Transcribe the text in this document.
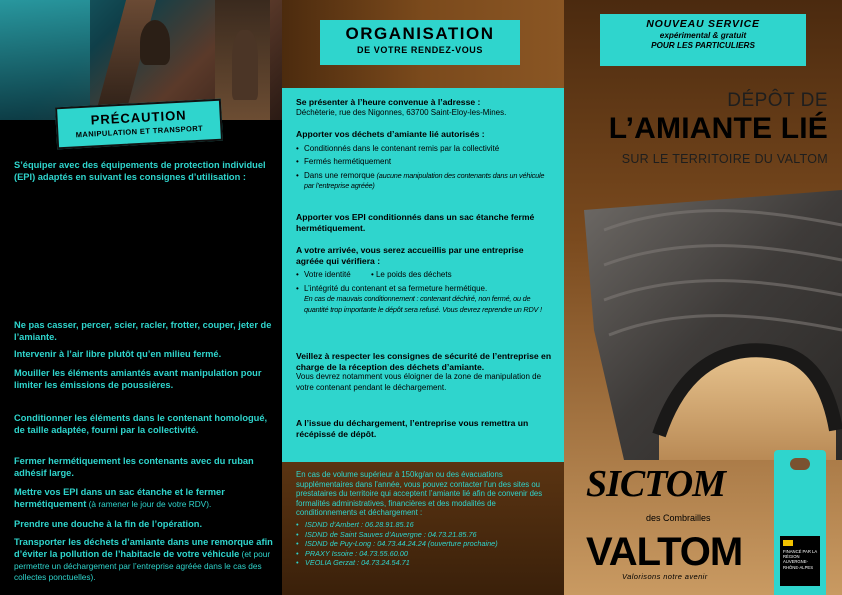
PRÉCAUTION
MANIPULATION ET TRANSPORT
S’équiper avec des équipements de protection individuel (EPI) adaptés en suivant les consignes d’utilisation :
Ne pas casser, percer, scier, racler, frotter, couper, jeter de l’amiante.
Intervenir à l’air libre plutôt qu’en milieu fermé.
Mouiller les éléments amiantés avant manipulation pour limiter les émissions de poussières.
Conditionner les éléments dans le contenant homologué, de taille adaptée, fourni par la collectivité.
Fermer hermétiquement les contenants avec du ruban adhésif large.
Mettre vos EPI dans un sac étanche et le fermer hermétiquement (à ramener le jour de votre RDV).
Prendre une douche à la fin de l’opération.
Transporter les déchets d’amiante dans une remorque afin d’éviter la pollution de l’habitacle de votre véhicule (et pour permettre un déchargement par l’entreprise agréée dans le cas des collectes ponctuelles).
ORGANISATION
DE VOTRE RENDEZ-VOUS
Se présenter à l’heure convenue à l’adresse :
Déchèterie, rue des Nigonnes, 63700 Saint-Eloy-les-Mines.
Apporter vos déchets d’amiante lié autorisés :
• Conditionnés dans le contenant remis par la collectivité
• Fermés hermétiquement
• Dans une remorque (aucune manipulation des contenants dans un véhicule par l’entreprise agréée)
Apporter vos EPI conditionnés dans un sac étanche fermé hermétiquement.
A votre arrivée, vous serez accueillis par une entreprise agréée qui vérifiera :
• Votre identité	• Le poids des déchets
• L’intégrité du contenant et sa fermeture hermétique.
En cas de mauvais conditionnement : contenant déchiré, non fermé, ou de quantité trop importante le dépôt sera refusé. Vous devrez reprendre un RDV !
Veillez à respecter les consignes de sécurité de l’entreprise en charge de la réception des déchets d’amiante.
Vous devrez notamment vous éloigner de la zone de manipulation de votre contenant pendant le déchargement.
A l’issue du déchargement, l’entreprise vous remettra un récépissé de dépôt.
En cas de volume supérieur à 150kg/an ou des évacuations supplémentaires dans l’année, vous pouvez contacter l’un des sites ou prestataires du territoire qui acceptent l’amiante lié afin de convenir des formalités administratives, financières et des modalités de conditionnements et déchargement :
• ISDND d’Ambert : 06.28.91.85.16
• ISDND de Saint Sauves d’Auvergne : 04.73.21.85.76
• ISDND de Puy-Long : 04.73.44.24.24 (ouverture prochaine)
• PRAXY Issoire : 04.73.55.60.00
• VEOLIA Gerzat : 04.73.24.54.71
NOUVEAU SERVICE
expérimental & gratuit
POUR LES PARTICULIERS
DÉPÔT DE
L’AMIANTE LIÉ
SUR LE TERRITOIRE DU VALTOM
SICTOM
des Combrailles
VALTOM
Valorisons notre avenir
FINANCÉ PAR LA RÉGION AUVERGNE-RHÔNE-ALPES
